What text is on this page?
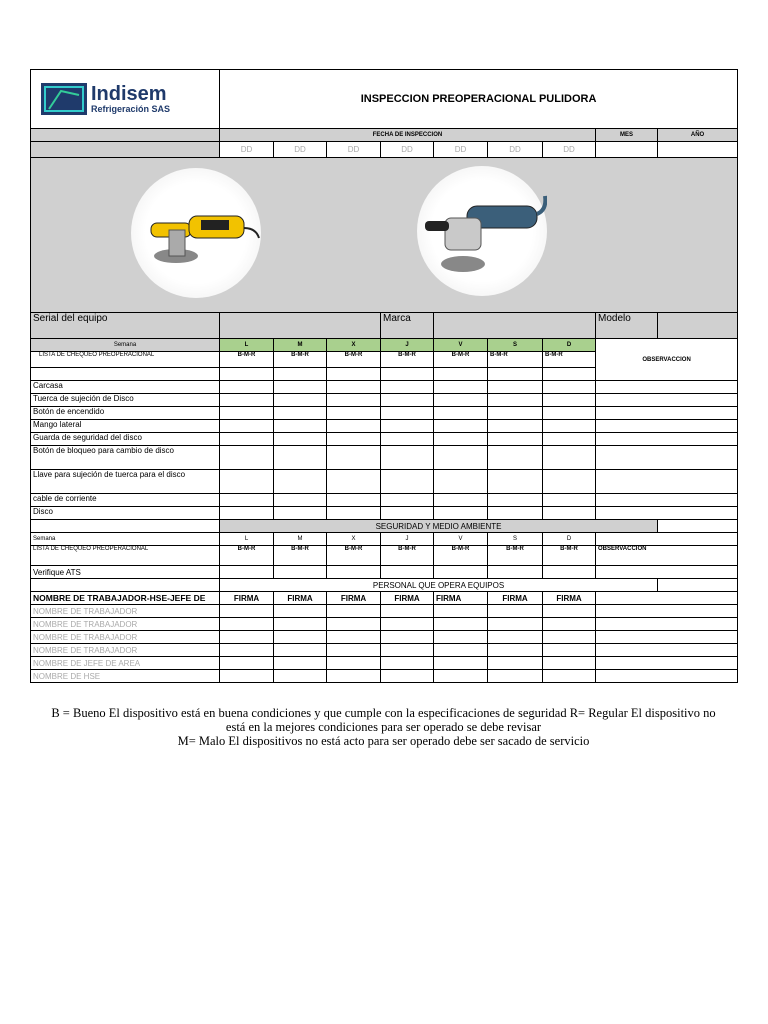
Indisem
Refrigeración SAS	INSPECCION PREOPERACIONAL PULIDORA								
	FECHA DE INSPECCION							MES	AÑO
	DD	DD	DD	DD	DD	DD	DD		

Serial del equipo				Marca				Modelo	
Semana	L	M	X	J	V	S	D	OBSERVACCION	
LISTA DE CHEQUEO PREOPERACIONAL	B-M-R	B-M-R	B-M-R	B-M-R	B-M-R	B-M-R	B-M-R		

Carcasa								
Tuerca de sujeción de Disco								
Botón de encendido								
Mango lateral								
Guarda de seguridad del disco								
Botón de bloqueo para cambio de disco								
Llave para sujeción de tuerca para el disco								
cable de corriente								
Disco								
	SEGURIDAD Y MEDIO AMBIENTE								
Semana	L	M	X	J	V	S	D		
LISTA DE CHEQUEO PREOPERACIONAL	B-M-R	B-M-R	B-M-R	B-M-R	B-M-R	B-M-R	B-M-R	OBSERVACCION	
Verifique ATS									
	PERSONAL QUE OPERA EQUIPOS								
NOMBRE DE TRABAJADOR-HSE-JEFE DE	FIRMA	FIRMA	FIRMA	FIRMA	FIRMA	FIRMA	FIRMA		
NOMBRE DE TRABAJADOR									
NOMBRE DE TRABAJADOR									
NOMBRE DE TRABAJADOR									
NOMBRE DE TRABAJADOR									
NOMBRE DE JEFE DE AREA									
NOMBRE DE HSE									
B = Bueno El dispositivo está en buena condiciones y que cumple con la especificaciones de seguridad R= Regular El dispositivo no
está en la mejores condiciones para ser operado se debe revisar
M= Malo El dispositivos no está acto para ser operado debe ser sacado de servicio
